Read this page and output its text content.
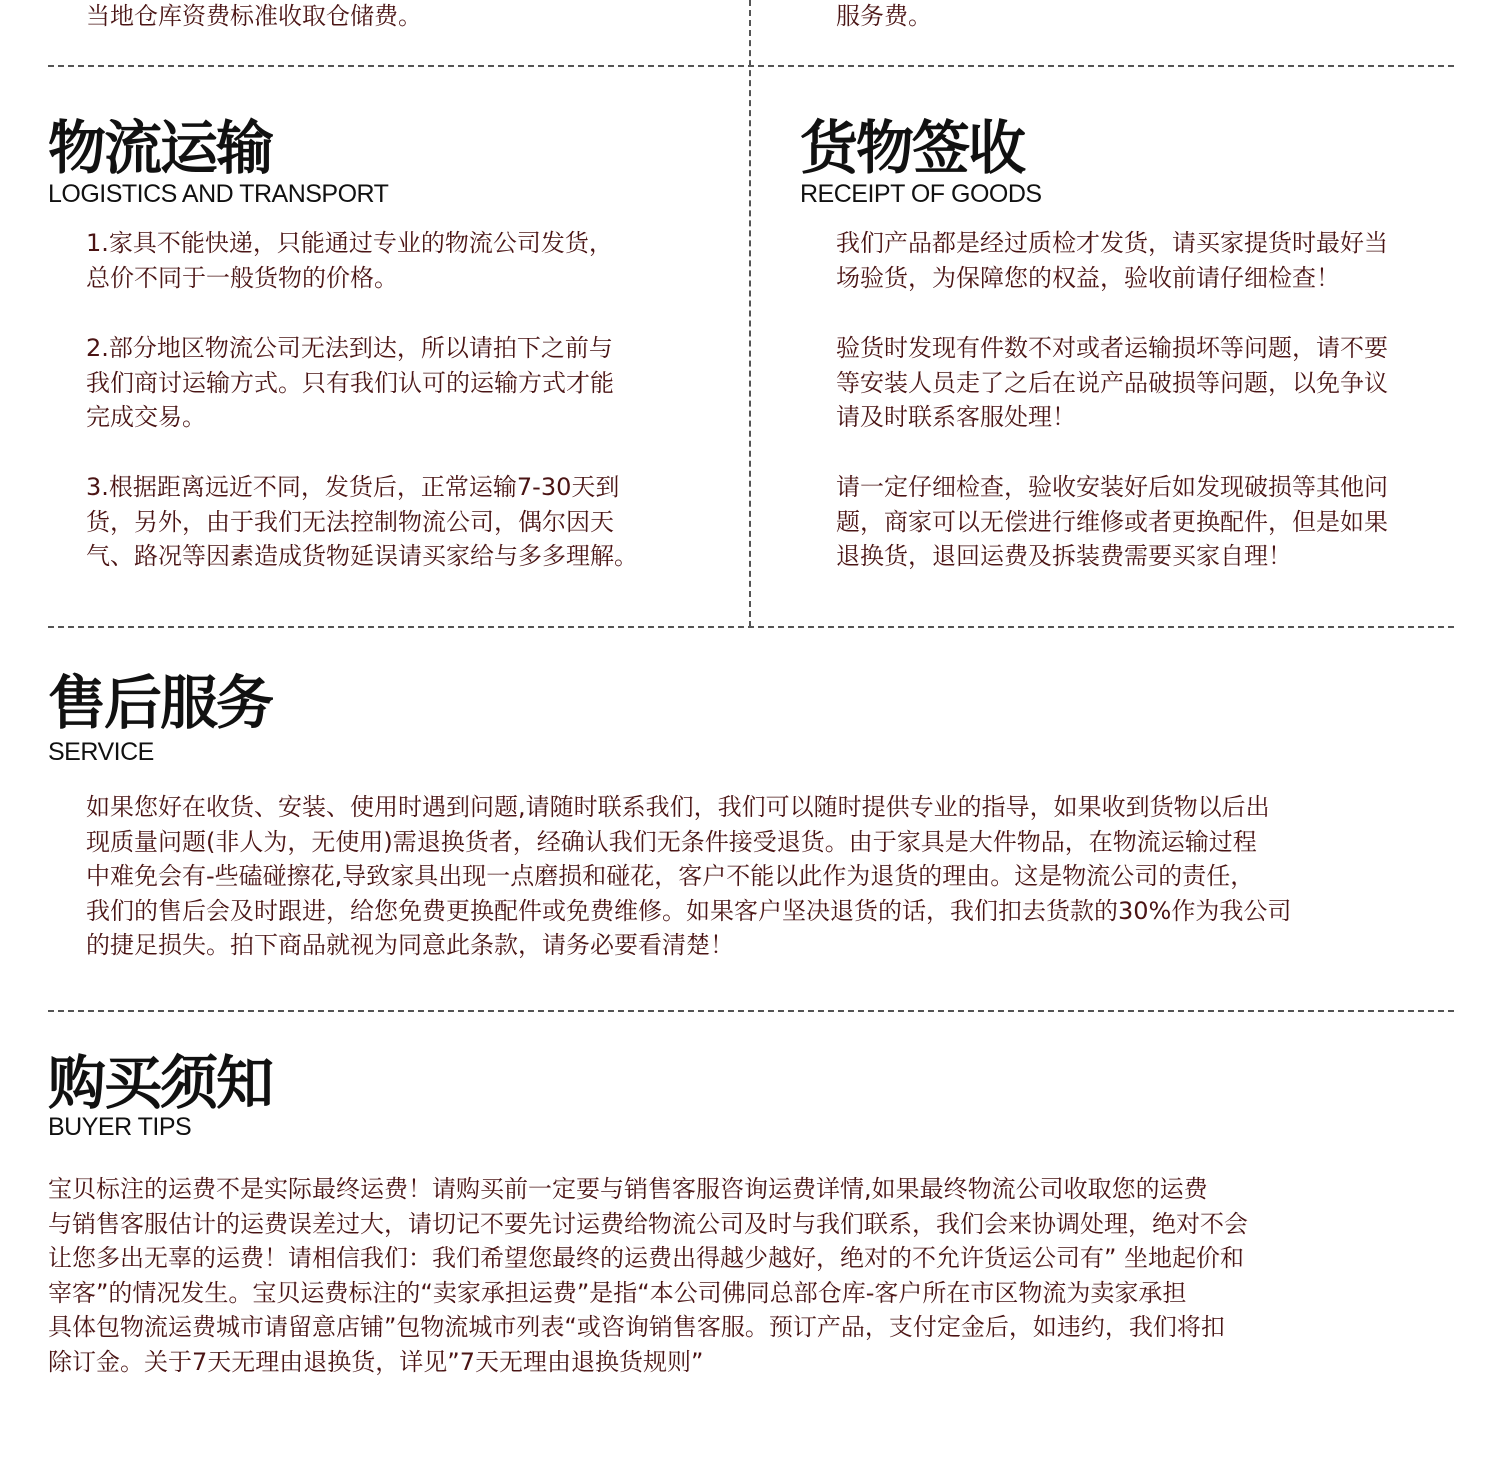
当地仓库资费标准收取仓储费。	服务费。

物流运输
LOGISTICS AND TRANSPORT

1.家具不能快递，只能通过专业的物流公司发货，
总价不同于一般货物的价格。

2.部分地区物流公司无法到达，所以请拍下之前与
我们商讨运输方式。只有我们认可的运输方式才能
完成交易。

3.根据距离远近不同，发货后，正常运输7-30天到
货，另外，由于我们无法控制物流公司，偶尔因天
气、路况等因素造成货物延误请买家给与多多理解。

货物签收
RECEIPT OF GOODS

我们产品都是经过质检才发货，请买家提货时最好当
场验货，为保障您的权益，验收前请仔细检查！

验货时发现有件数不对或者运输损坏等问题，请不要
等安装人员走了之后在说产品破损等问题，以免争议
请及时联系客服处理！

请一定仔细检查，验收安装好后如发现破损等其他问
题，商家可以无偿进行维修或者更换配件，但是如果
退换货，退回运费及拆装费需要买家自理！

售后服务
SERVICE

如果您好在收货、安装、使用时遇到问题,请随时联系我们，我们可以随时提供专业的指导，如果收到货物以后出
现质量问题(非人为，无使用)需退换货者，经确认我们无条件接受退货。由于家具是大件物品，在物流运输过程
中难免会有-些磕碰擦花,导致家具出现一点磨损和碰花，客户不能以此作为退货的理由。这是物流公司的责任，
我们的售后会及时跟进，给您免费更换配件或免费维修。如果客户坚决退货的话，我们扣去货款的30%作为我公司
的捷足损失。拍下商品就视为同意此条款，请务必要看清楚！

购买须知
BUYER TIPS

宝贝标注的运费不是实际最终运费！请购买前一定要与销售客服咨询运费详情,如果最终物流公司收取您的运费
与销售客服估计的运费误差过大，请切记不要先讨运费给物流公司及时与我们联系，我们会来协调处理，绝对不会
让您多出无辜的运费！请相信我们：我们希望您最终的运费出得越少越好，绝对的不允许货运公司有” 坐地起价和
宰客”的情况发生。宝贝运费标注的“卖家承担运费”是指“本公司佛同总部仓库-客户所在市区物流为卖家承担
具体包物流运费城市请留意店铺”包物流城市列表“或咨询销售客服。预订产品，支付定金后，如违约，我们将扣
除订金。关于7天无理由退换货，详见”7天无理由退换货规则”
